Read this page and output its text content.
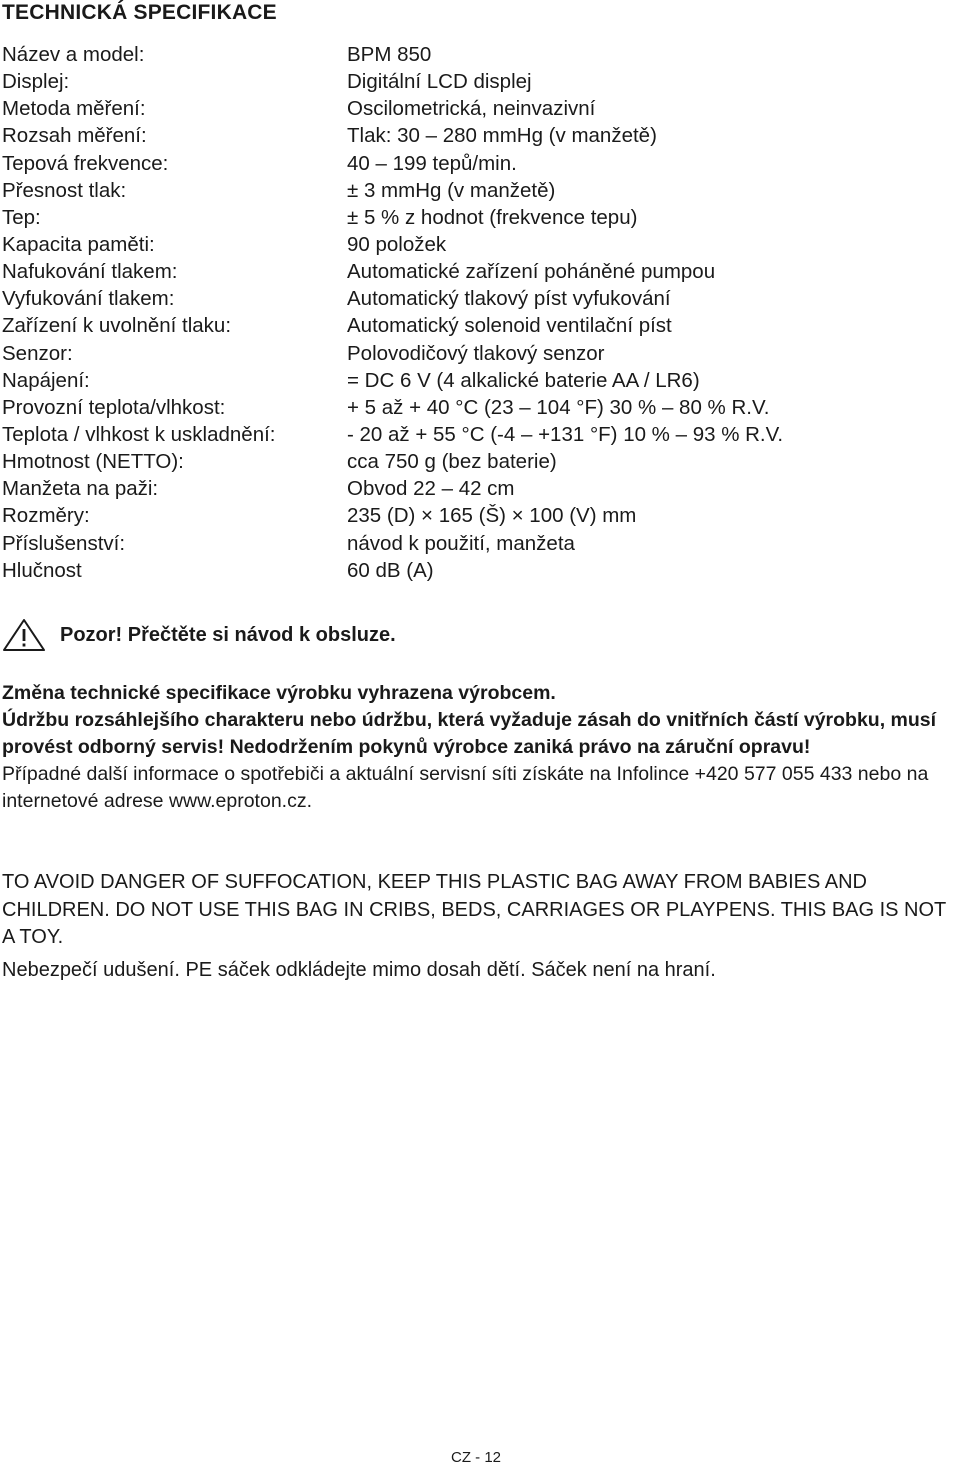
TECHNICKÁ SPECIFIKACE
Název a model:	BPM 850
Displej:	Digitální LCD displej
Metoda měření:	Oscilometrická, neinvazivní
Rozsah měření:	Tlak: 30 – 280 mmHg (v manžetě)
Tepová frekvence:	40 – 199 tepů/min.
Přesnost tlak:	± 3 mmHg (v manžetě)
Tep:	± 5 % z hodnot (frekvence tepu)
Kapacita paměti:	90 položek
Nafukování tlakem:	Automatické zařízení poháněné pumpou
Vyfukování tlakem:	Automatický tlakový píst vyfukování
Zařízení k uvolnění tlaku:	Automatický solenoid ventilační píst
Senzor:	Polovodičový tlakový senzor
Napájení:	= DC 6 V (4 alkalické baterie AA / LR6)
Provozní teplota/vlhkost:	+ 5 až + 40 °C (23 – 104 °F) 30 % – 80 % R.V.
Teplota / vlhkost k uskladnění:	- 20 až + 55 °C (-4 – +131 °F) 10 % – 93 % R.V.
Hmotnost (NETTO):	cca 750 g (bez baterie)
Manžeta na paži:	Obvod 22 – 42 cm
Rozměry:	235 (D) × 165 (Š) × 100 (V) mm
Příslušenství:	návod k použití, manžeta
Hlučnost	60 dB (A)
Pozor! Přečtěte si návod k obsluze.

Změna technické specifikace výrobku vyhrazena výrobcem.

Údržbu rozsáhlejšího charakteru nebo údržbu, která vyžaduje zásah do vnitřních částí výrobku, musí provést odborný servis! Nedodržením pokynů výrobce zaniká právo na záruční opravu!

Případné další informace o spotřebiči a aktuální servisní síti získáte na Infolince +420 577 055 433 nebo na internetové adrese www.eproton.cz.

TO AVOID DANGER OF SUFFOCATION, KEEP THIS PLASTIC BAG AWAY FROM BABIES AND CHILDREN. DO NOT USE THIS BAG IN CRIBS, BEDS, CARRIAGES OR PLAYPENS. THIS BAG IS NOT A TOY.

Nebezpečí udušení. PE sáček odkládejte mimo dosah dětí. Sáček není na hraní.

CZ - 12
